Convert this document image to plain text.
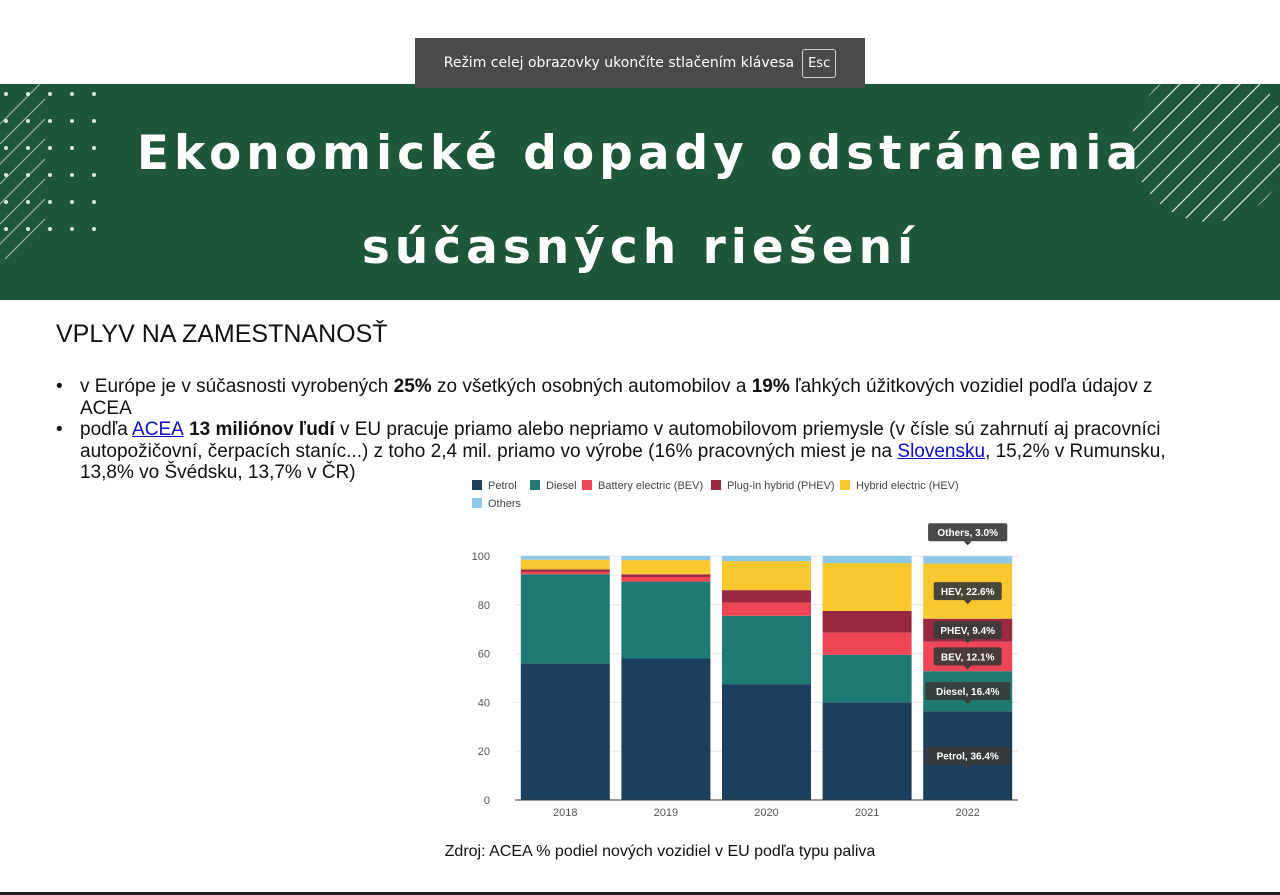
Ekonomické dopady odstránenia
súčasných riešení
Režim celej obrazovky ukončíte stlačením klávesa	Esc
VPLYV NA ZAMESTNANOSŤ
• v Európe je v súčasnosti vyrobených 25% zo všetkých osobných automobilov a 19% ľahkých úžitkových vozidiel podľa údajov z ACEA
• podľa ACEA 13 miliónov ľudí v EU pracuje priamo alebo nepriamo v automobilovom priemysle (v čísle sú zahrnutí aj pracovníci autopožičovní, čerpacích staníc...) z toho 2,4 mil. priamo vo výrobe (16% pracovných miest je na Slovensku, 15,2% v Rumunsku, 13,8% vo Švédsku, 13,7% v ČR)
Petrol	Diesel Battery electric (BEV) Plug-in hybrid (PHEV) Hybrid electric (HEV)
Others
0
20
40
60
80
100
2018	2019	2020	2021	2022
Others, 3.0%
HEV, 22.6%
PHEV, 9.4%
BEV, 12.1%
Diesel, 16.4%
Petrol, 36.4%
Zdroj: ACEA % podiel nových vozidiel v EU podľa typu paliva
